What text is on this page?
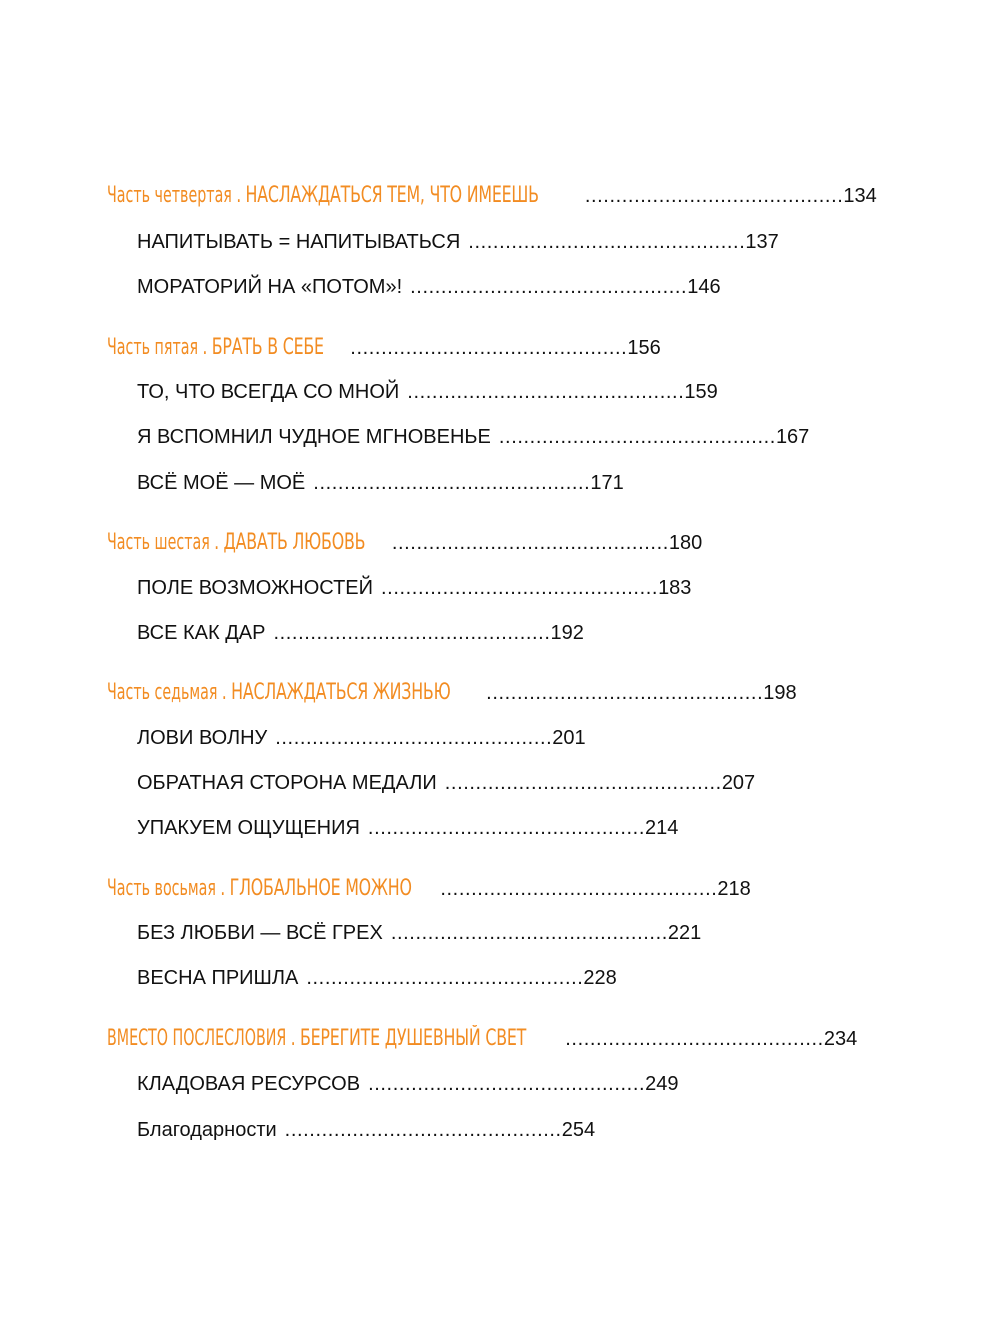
Часть четвертая . НАСЛАЖДАТЬСЯ ТЕМ, ЧТО ИМЕЕШЬ ..........................................134
НАПИТЫВАТЬ = НАПИТЫВАТЬСЯ .............................................137
МОРАТОРИЙ НА «ПОТОМ»! .............................................146
Часть пятая . БРАТЬ В СЕБЕ .............................................156
ТО, ЧТО ВСЕГДА СО МНОЙ .............................................159
Я ВСПОМНИЛ ЧУДНОЕ МГНОВЕНЬЕ .............................................167
ВСЁ МОЁ — МОЁ .............................................171
Часть шестая . ДАВАТЬ ЛЮБОВЬ .............................................180
ПОЛЕ ВОЗМОЖНОСТЕЙ .............................................183
ВСЕ КАК ДАР .............................................192
Часть седьмая . НАСЛАЖДАТЬСЯ ЖИЗНЬЮ .............................................198
ЛОВИ ВОЛНУ .............................................201
ОБРАТНАЯ СТОРОНА МЕДАЛИ .............................................207
УПАКУЕМ ОЩУЩЕНИЯ .............................................214
Часть восьмая . ГЛОБАЛЬНОЕ МОЖНО .............................................218
БЕЗ ЛЮБВИ — ВСЁ ГРЕХ .............................................221
ВЕСНА ПРИШЛА .............................................228
ВМЕСТО ПОСЛЕСЛОВИЯ . БЕРЕГИТЕ ДУШЕВНЫЙ СВЕТ ..........................................234
КЛАДОВАЯ РЕСУРСОВ .............................................249
Благодарности .............................................254
